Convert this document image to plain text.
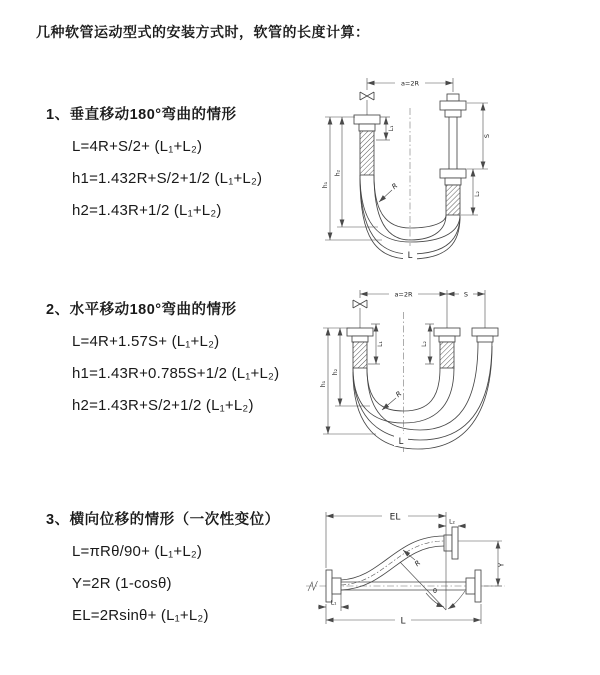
几种软管运动型式的安装方式时，软管的长度计算：
1、垂直移动180°弯曲的情形
L=4R+S/2+ (L₁+L₂)
h1=1.432R+S/2+1/2 (L₁+L₂)
h2=1.43R+1/2 (L₁+L₂)
2、水平移动180°弯曲的情形
L=4R+1.57S+ (L₁+L₂)
h1=1.43R+0.785S+1/2 (L₁+L₂)
h2=1.43R+S/2+1/2 (L₁+L₂)
3、横向位移的情形（一次性变位）
L=πRθ/90+ (L₁+L₂)
Y=2R (1-cosθ)
EL=2Rsinθ+ (L₁+L₂)
a=2R
L₁
h₁
h₂
S
L₂
R
L
a=2R	S
h₁
h₂
L₁	L₂
R
L
EL	L₂
Y
L
L₁
R
θ
